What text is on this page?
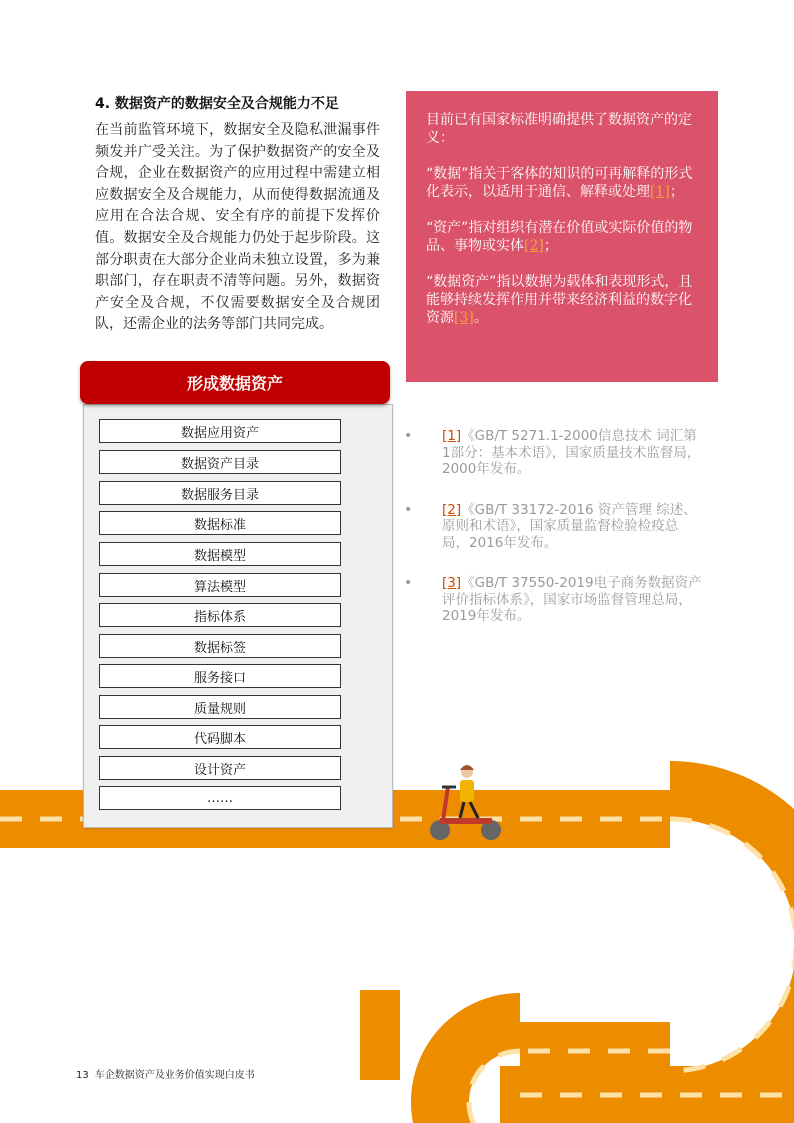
4. 数据资产的数据安全及合规能力不足
在当前监管环境下，数据安全及隐私泄漏事件频发并广受关注。为了保护数据资产的安全及合规，企业在数据资产的应用过程中需建立相应数据安全及合规能力，从而使得数据流通及应用在合法合规、安全有序的前提下发挥价值。数据安全及合规能力仍处于起步阶段。这部分职责在大部分企业尚未独立设置，多为兼职部门，存在职责不清等问题。另外，数据资产安全及合规，不仅需要数据安全及合规团队，还需企业的法务等部门共同完成。
形成数据资产
数据应用资产
数据资产目录
数据服务目录
数据标准
数据模型
算法模型
指标体系
数据标签
服务接口
质量规则
代码脚本
设计资产
……

目前已有国家标准明确提供了数据资产的定义：

“数据”指关于客体的知识的可再解释的形式化表示，以适用于通信、解释或处理[1]；

“资产”指对组织有潜在价值或实际价值的物品、事物或实体[2]；

“数据资产”指以数据为载体和表现形式，且能够持续发挥作用并带来经济利益的数字化资源[3]。

• [1]《GB/T 5271.1-2000信息技术 词汇第1部分：基本术语》，国家质量技术监督局，2000年发布。
• [2]《GB/T 33172-2016 资产管理 综述、原则和术语》，国家质量监督检验检疫总局，2016年发布。
• [3]《GB/T 37550-2019电子商务数据资产评价指标体系》，国家市场监督管理总局，2019年发布。
13 车企数据资产及业务价值实现白皮书
